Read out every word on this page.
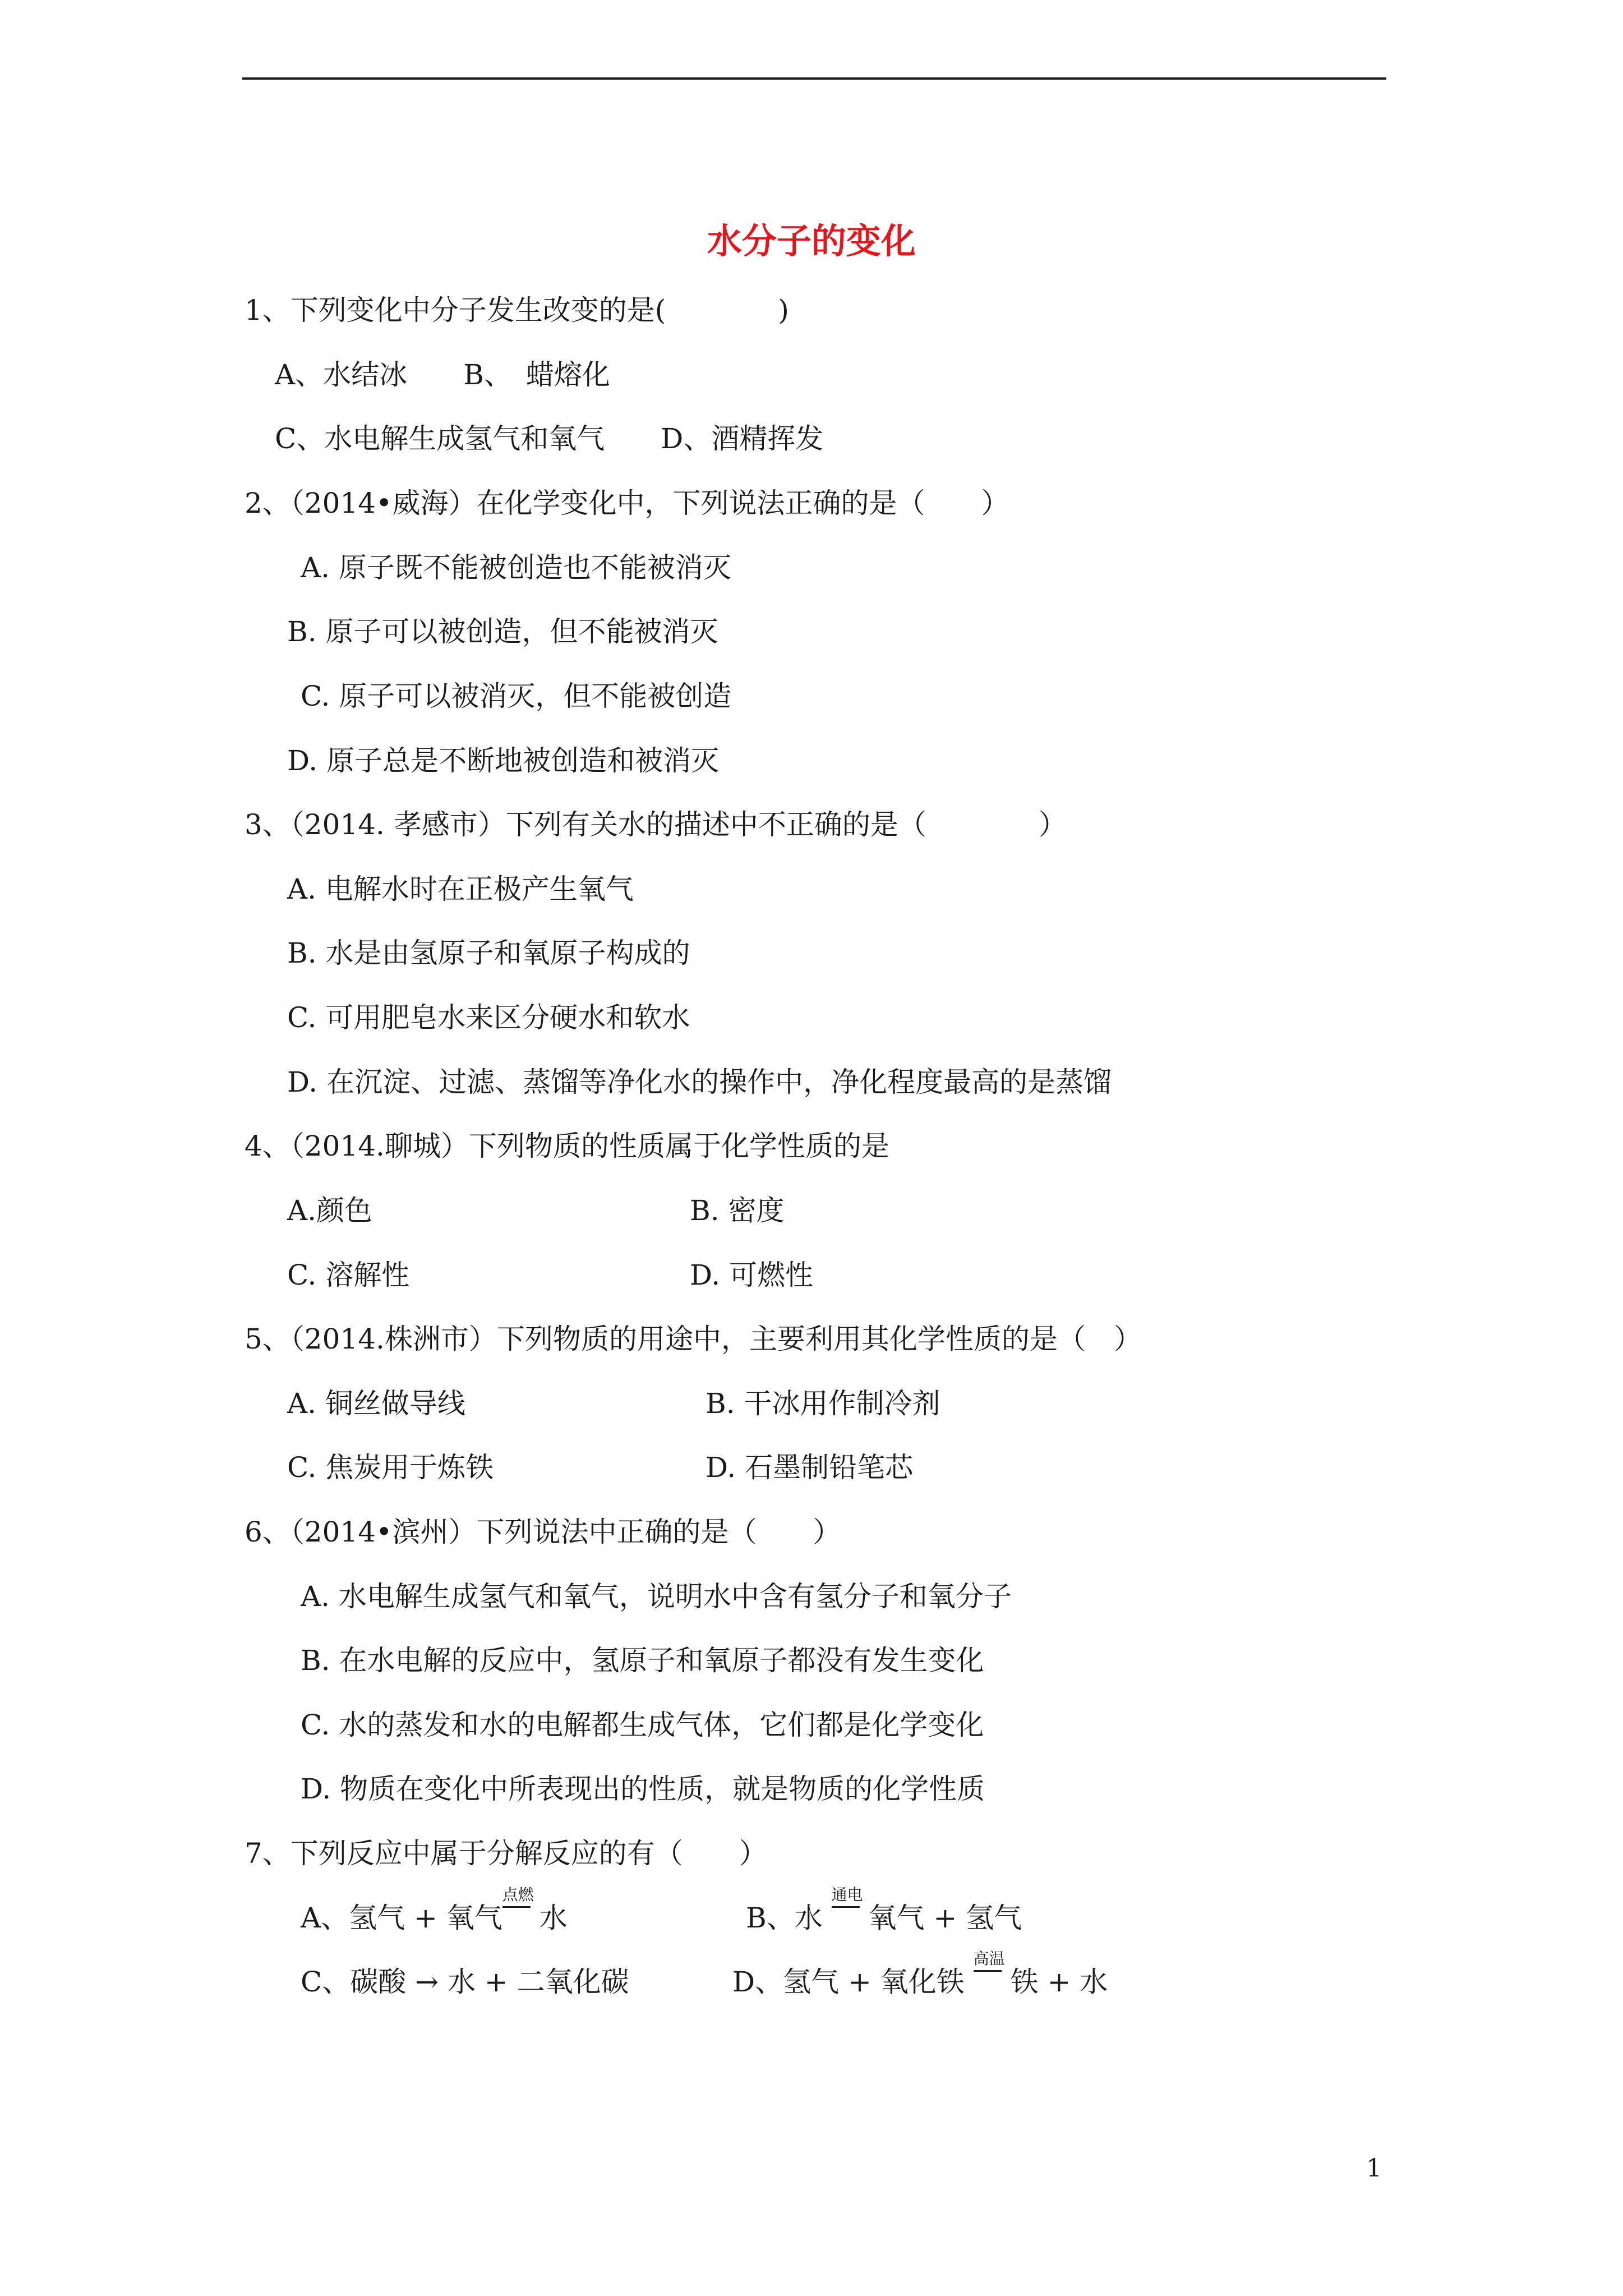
水分子的变化
1、下列变化中分子发生改变的是(　　　　)
A、水结冰　　B、　蜡熔化
C、水电解生成氢气和氧气　　D、酒精挥发
2、（2014•威海）在化学变化中，下列说法正确的是（　　）
A. 原子既不能被创造也不能被消灭
B. 原子可以被创造，但不能被消灭
C. 原子可以被消灭，但不能被创造
D. 原子总是不断地被创造和被消灭
3、（2014. 孝感市）下列有关水的描述中不正确的是（　　　　）
A. 电解水时在正极产生氧气
B. 水是由氢原子和氧原子构成的
C. 可用肥皂水来区分硬水和软水
D. 在沉淀、过滤、蒸馏等净化水的操作中，净化程度最高的是蒸馏
4、（2014.聊城）下列物质的性质属于化学性质的是
A.颜色	B. 密度
C. 溶解性	D. 可燃性
5、（2014.株洲市）下列物质的用途中，主要利用其化学性质的是（　）
A. 铜丝做导线	B. 干冰用作制冷剂
C. 焦炭用于炼铁	D. 石墨制铅笔芯
6、（2014•滨州）下列说法中正确的是（　　）
A. 水电解生成氢气和氧气，说明水中含有氢分子和氧分子
B. 在水电解的反应中，氢原子和氧原子都没有发生变化
C. 水的蒸发和水的电解都生成气体，它们都是化学变化
D. 物质在变化中所表现出的性质，就是物质的化学性质
7、下列反应中属于分解反应的有（　　）
A、氢气 + 氧气
点燃
　 水	B、水
通电
　 氧气 + 氢气
C、碳酸 → 水 + 二氧化碳	D、氢气 + 氧化铁
高温
　 铁 + 水
1
